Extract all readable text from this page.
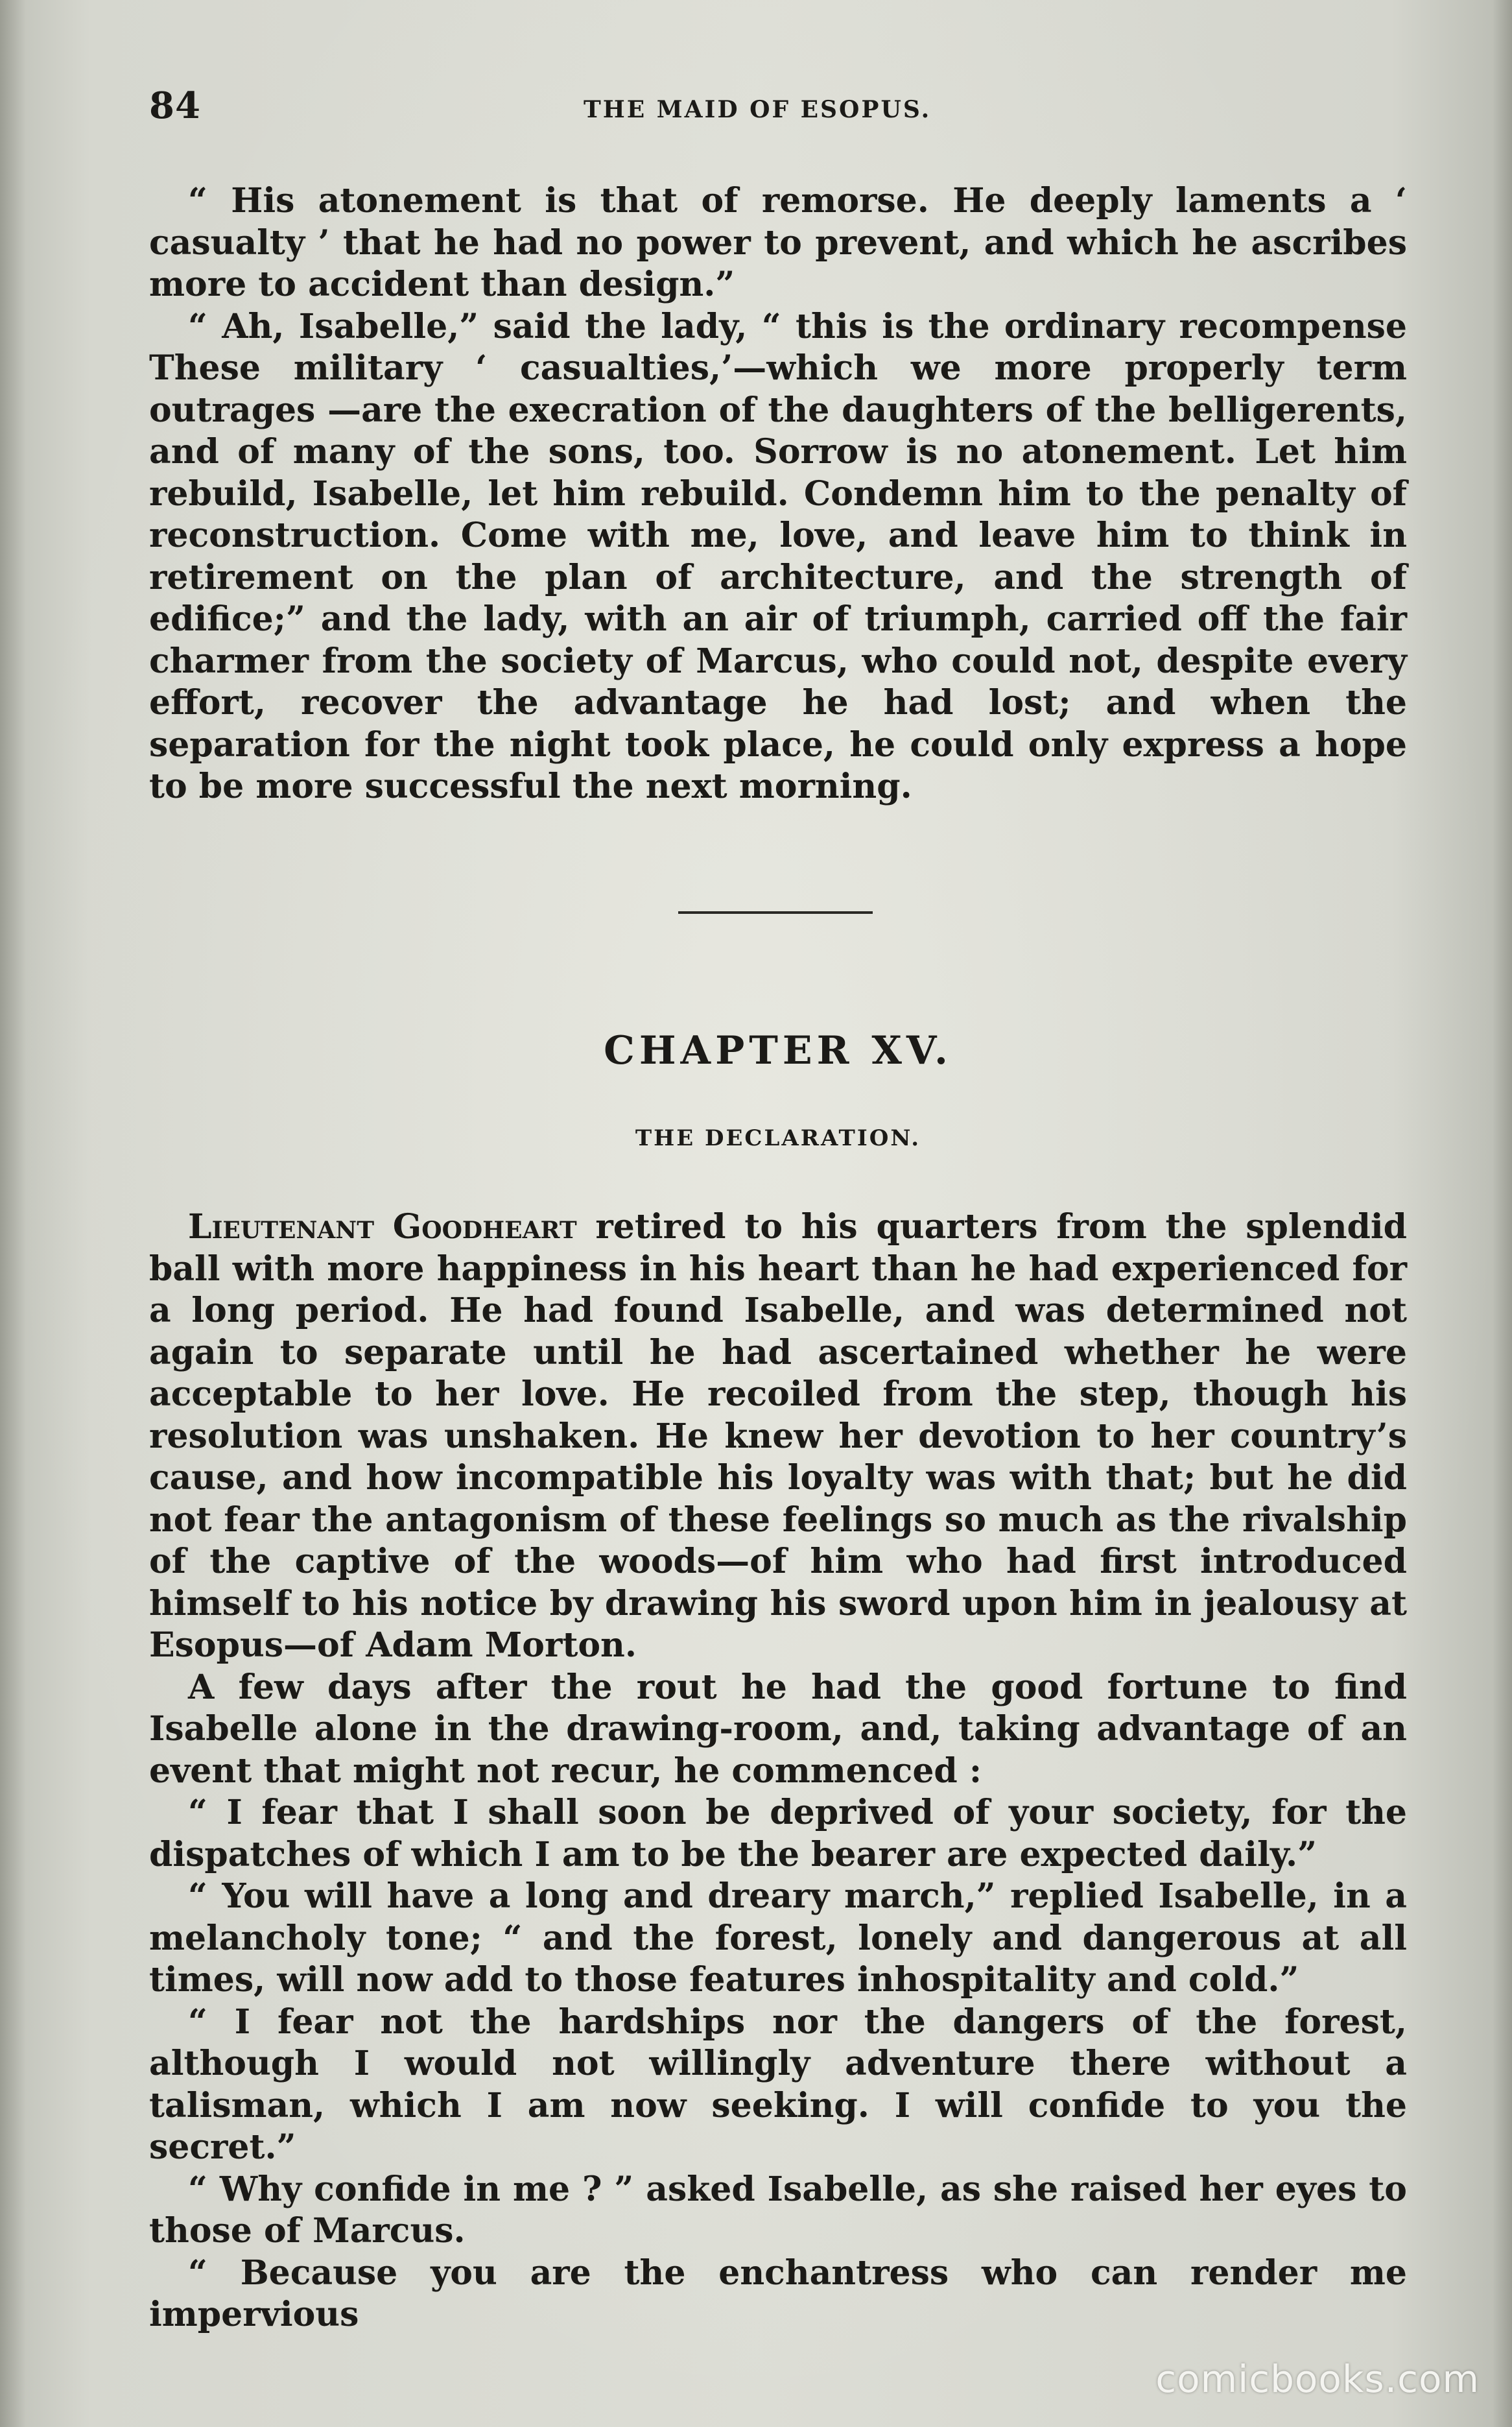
84	THE MAID OF ESOPUS.

“ His atonement is that of remorse. He deeply laments a ‘ casualty ’ that he had no power to prevent, and which he ascribes more to accident than design.”

“ Ah, Isabelle,” said the lady, “ this is the ordinary recompense These military ‘ casualties,’—which we more properly term outrages —are the execration of the daughters of the belligerents, and of many of the sons, too. Sorrow is no atonement. Let him rebuild, Isabelle, let him rebuild. Condemn him to the penalty of reconstruction. Come with me, love, and leave him to think in retirement on the plan of architecture, and the strength of edifice;” and the lady, with an air of triumph, carried off the fair charmer from the society of Marcus, who could not, despite every effort, recover the advantage he had lost; and when the separation for the night took place, he could only express a hope to be more successful the next morning.

CHAPTER XV.
THE DECLARATION.

Lieutenant Goodheart retired to his quarters from the splendid ball with more happiness in his heart than he had experienced for a long period. He had found Isabelle, and was determined not again to separate until he had ascertained whether he were acceptable to her love. He recoiled from the step, though his resolution was unshaken. He knew her devotion to her country’s cause, and how incompatible his loyalty was with that; but he did not fear the antagonism of these feelings so much as the rivalship of the captive of the woods—of him who had first introduced himself to his notice by drawing his sword upon him in jealousy at Esopus—of Adam Morton.

A few days after the rout he had the good fortune to find Isabelle alone in the drawing-room, and, taking advantage of an event that might not recur, he commenced :

“ I fear that I shall soon be deprived of your society, for the dispatches of which I am to be the bearer are expected daily.”

“ You will have a long and dreary march,” replied Isabelle, in a melancholy tone; “ and the forest, lonely and dangerous at all times, will now add to those features inhospitality and cold.”

“ I fear not the hardships nor the dangers of the forest, although I would not willingly adventure there without a talisman, which I am now seeking. I will confide to you the secret.”

“ Why confide in me ? ” asked Isabelle, as she raised her eyes to those of Marcus.

“ Because you are the enchantress who can render me impervious

comicbooks.com
